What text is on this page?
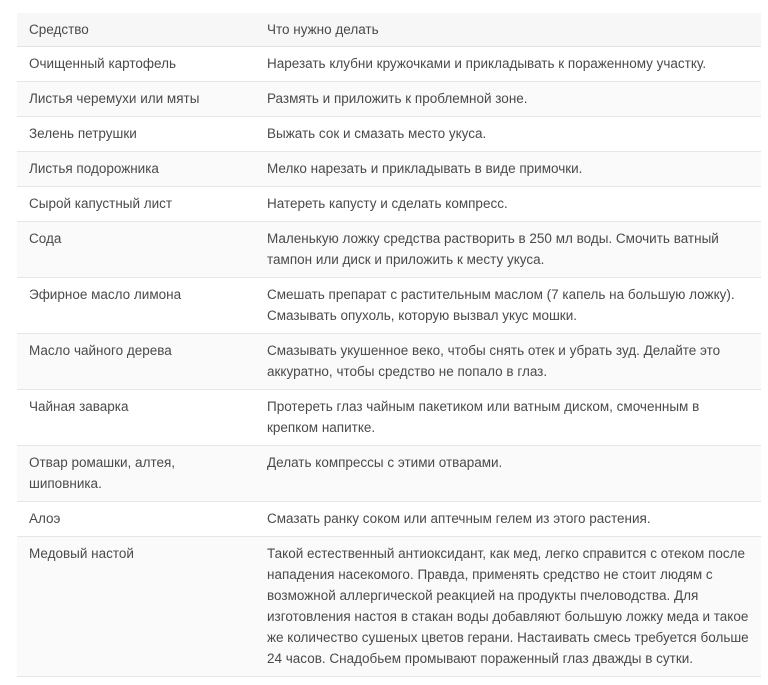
Средство	Что нужно делать
Очищенный картофель	Нарезать клубни кружочками и прикладывать к пораженному участку.
Листья черемухи или мяты	Размять и приложить к проблемной зоне.
Зелень петрушки	Выжать сок и смазать место укуса.
Листья подорожника	Мелко нарезать и прикладывать в виде примочки.
Сырой капустный лист	Натереть капусту и сделать компресс.
Сода	Маленькую ложку средства растворить в 250 мл воды. Смочить ватный тампон или диск и приложить к месту укуса.
Эфирное масло лимона	Смешать препарат с растительным маслом (7 капель на большую ложку). Смазывать опухоль, которую вызвал укус мошки.
Масло чайного дерева	Смазывать укушенное веко, чтобы снять отек и убрать зуд. Делайте это аккуратно, чтобы средство не попало в глаз.
Чайная заварка	Протереть глаз чайным пакетиком или ватным диском, смоченным в крепком напитке.
Отвар ромашки, алтея, шиповника.	Делать компрессы с этими отварами.
Алоэ	Смазать ранку соком или аптечным гелем из этого растения.
Медовый настой	Такой естественный антиоксидант, как мед, легко справится с отеком после нападения насекомого. Правда, применять средство не стоит людям с возможной аллергической реакцией на продукты пчеловодства. Для изготовления настоя в стакан воды добавляют большую ложку меда и такое же количество сушеных цветов герани. Настаивать смесь требуется больше 24 часов. Снадобьем промывают пораженный глаз дважды в сутки.
